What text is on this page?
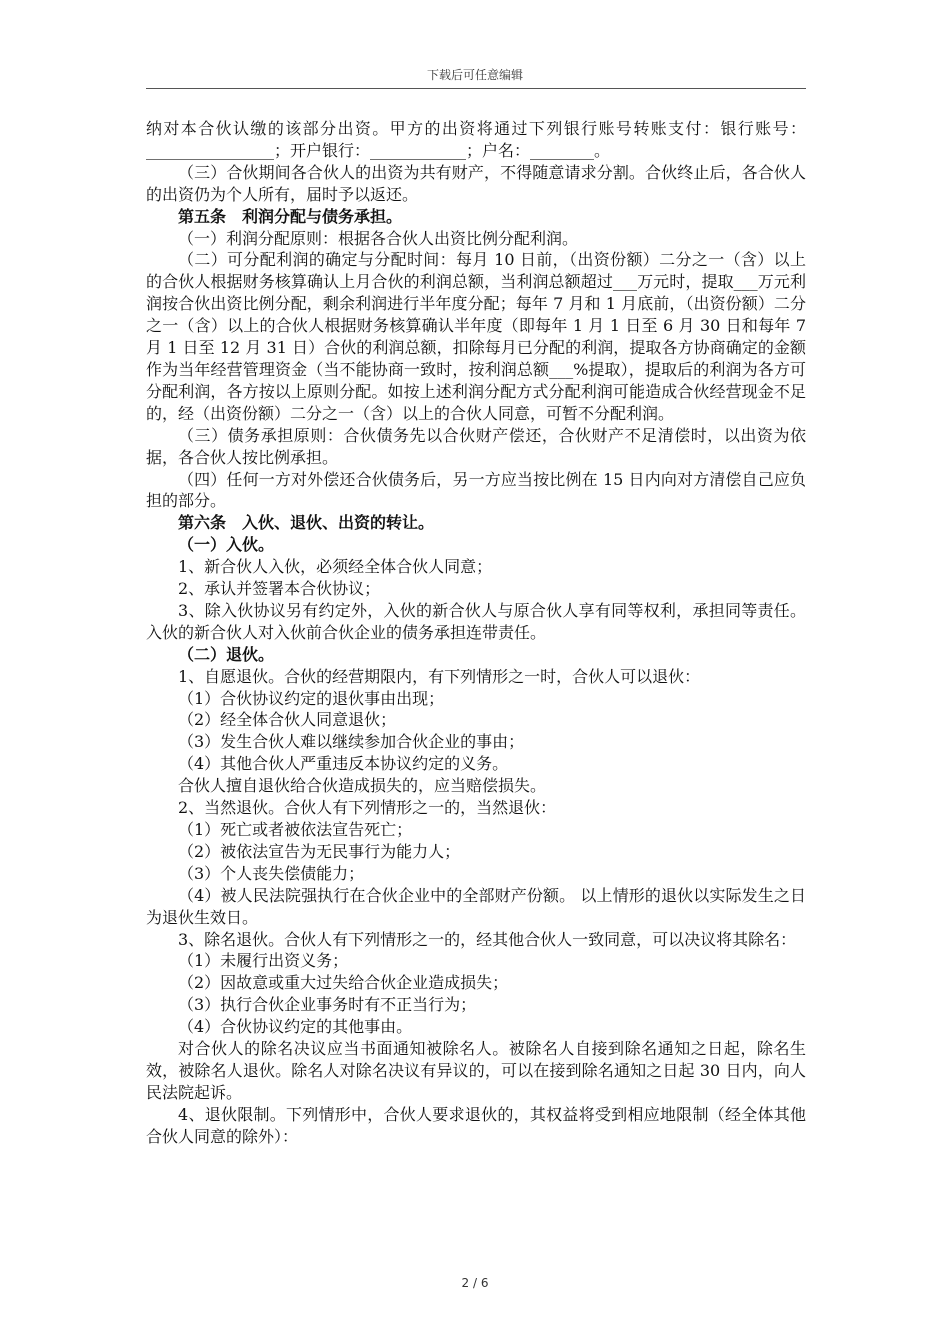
下载后可任意编辑

纳对本合伙认缴的该部分出资。甲方的出资将通过下列银行账号转账支付：银行账号：________________；开户银行：____________；户名：________。

（三）合伙期间各合伙人的出资为共有财产，不得随意请求分割。合伙终止后，各合伙人的出资仍为个人所有，届时予以返还。

第五条　利润分配与债务承担。

（一）利润分配原则：根据各合伙人出资比例分配利润。

（二）可分配利润的确定与分配时间：每月 10 日前，（出资份额）二分之一（含）以上的合伙人根据财务核算确认上月合伙的利润总额，当利润总额超过___万元时，提取___万元利润按合伙出资比例分配，剩余利润进行半年度分配；每年 7 月和 1 月底前，（出资份额）二分之一（含）以上的合伙人根据财务核算确认半年度（即每年 1 月 1 日至 6 月 30 日和每年 7 月 1 日至 12 月 31 日）合伙的利润总额，扣除每月已分配的利润，提取各方协商确定的金额作为当年经营管理资金（当不能协商一致时，按利润总额___%提取），提取后的利润为各方可分配利润，各方按以上原则分配。如按上述利润分配方式分配利润可能造成合伙经营现金不足的，经（出资份额）二分之一（含）以上的合伙人同意，可暂不分配利润。

（三）债务承担原则：合伙债务先以合伙财产偿还，合伙财产不足清偿时，以出资为依据，各合伙人按比例承担。

（四）任何一方对外偿还合伙债务后，另一方应当按比例在 15 日内向对方清偿自己应负担的部分。

第六条　入伙、退伙、出资的转让。

（一）入伙。

1、新合伙人入伙，必须经全体合伙人同意；

2、承认并签署本合伙协议；

3、除入伙协议另有约定外，入伙的新合伙人与原合伙人享有同等权利，承担同等责任。入伙的新合伙人对入伙前合伙企业的债务承担连带责任。

（二）退伙。

1、自愿退伙。合伙的经营期限内，有下列情形之一时，合伙人可以退伙：

（1）合伙协议约定的退伙事由出现；

（2）经全体合伙人同意退伙；

（3）发生合伙人难以继续参加合伙企业的事由；

（4）其他合伙人严重违反本协议约定的义务。

合伙人擅自退伙给合伙造成损失的，应当赔偿损失。

2、当然退伙。合伙人有下列情形之一的，当然退伙：

（1）死亡或者被依法宣告死亡；

（2）被依法宣告为无民事行为能力人；

（3）个人丧失偿债能力；

（4）被人民法院强执行在合伙企业中的全部财产份额。 以上情形的退伙以实际发生之日为退伙生效日。

3、除名退伙。合伙人有下列情形之一的，经其他合伙人一致同意，可以决议将其除名：

（1）未履行出资义务；

（2）因故意或重大过失给合伙企业造成损失；

（3）执行合伙企业事务时有不正当行为；

（4）合伙协议约定的其他事由。

对合伙人的除名决议应当书面通知被除名人。被除名人自接到除名通知之日起，除名生效，被除名人退伙。除名人对除名决议有异议的，可以在接到除名通知之日起 30 日内，向人民法院起诉。

4、退伙限制。下列情形中，合伙人要求退伙的，其权益将受到相应地限制（经全体其他合伙人同意的除外）：

2 / 6
